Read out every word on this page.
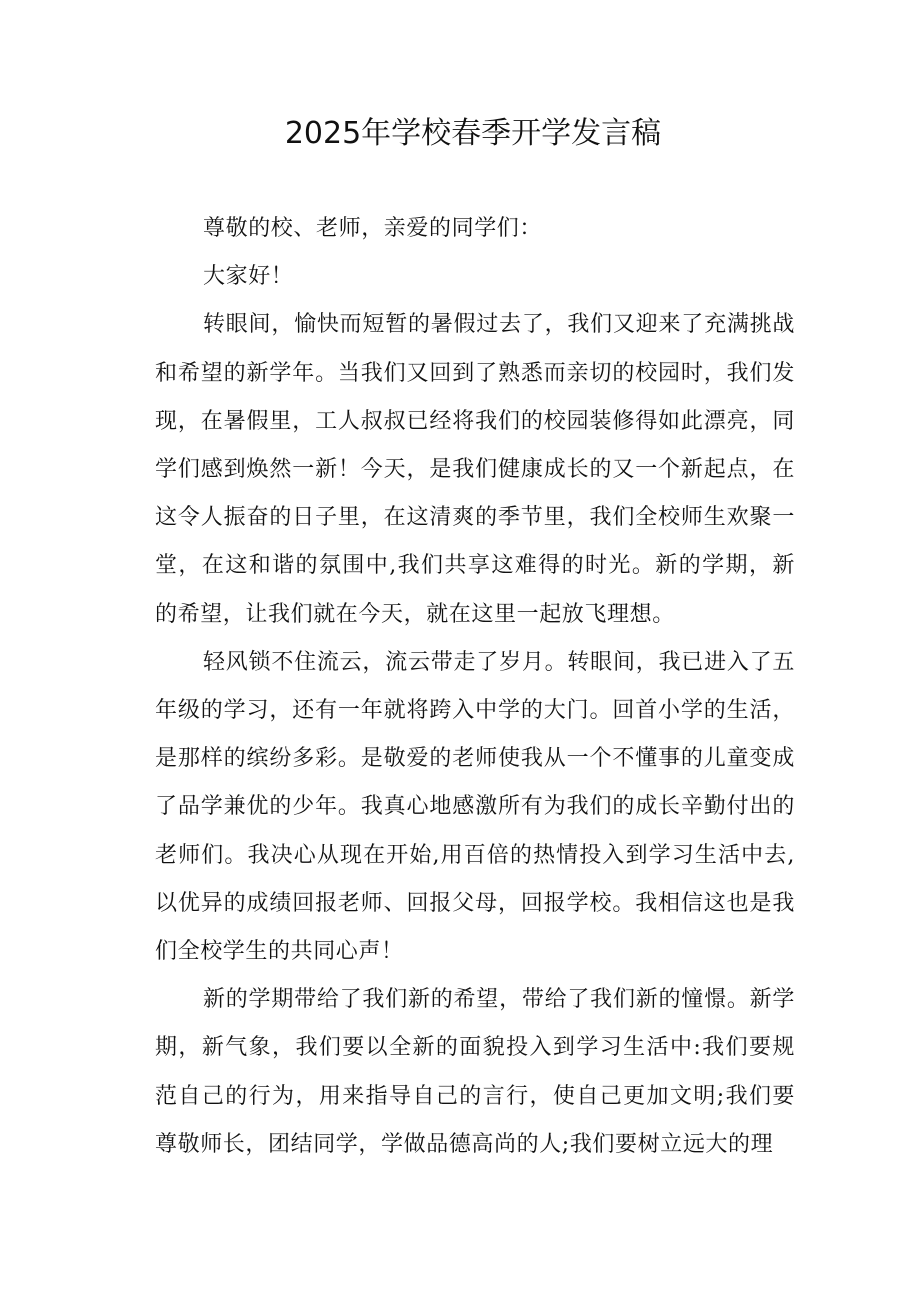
2025年学校春季开学发言稿

尊敬的校、老师，亲爱的同学们：

大家好！

转眼间，愉快而短暂的暑假过去了，我们又迎来了充满挑战和希望的新学年。当我们又回到了熟悉而亲切的校园时，我们发现，在暑假里，工人叔叔已经将我们的校园装修得如此漂亮，同学们感到焕然一新！今天，是我们健康成长的又一个新起点，在这令人振奋的日子里，在这清爽的季节里，我们全校师生欢聚一堂，在这和谐的氛围中,我们共享这难得的时光。新的学期，新的希望，让我们就在今天，就在这里一起放飞理想。

轻风锁不住流云，流云带走了岁月。转眼间，我已进入了五年级的学习，还有一年就将跨入中学的大门。回首小学的生活，是那样的缤纷多彩。是敬爱的老师使我从一个不懂事的儿童变成了品学兼优的少年。我真心地感激所有为我们的成长辛勤付出的老师们。我决心从现在开始,用百倍的热情投入到学习生活中去,以优异的成绩回报老师、回报父母，回报学校。我相信这也是我们全校学生的共同心声！

新的学期带给了我们新的希望，带给了我们新的憧憬。新学期，新气象，我们要以全新的面貌投入到学习生活中:我们要规范自己的行为，用来指导自己的言行，使自己更加文明;我们要尊敬师长，团结同学，学做品德高尚的人;我们要树立远大的理
